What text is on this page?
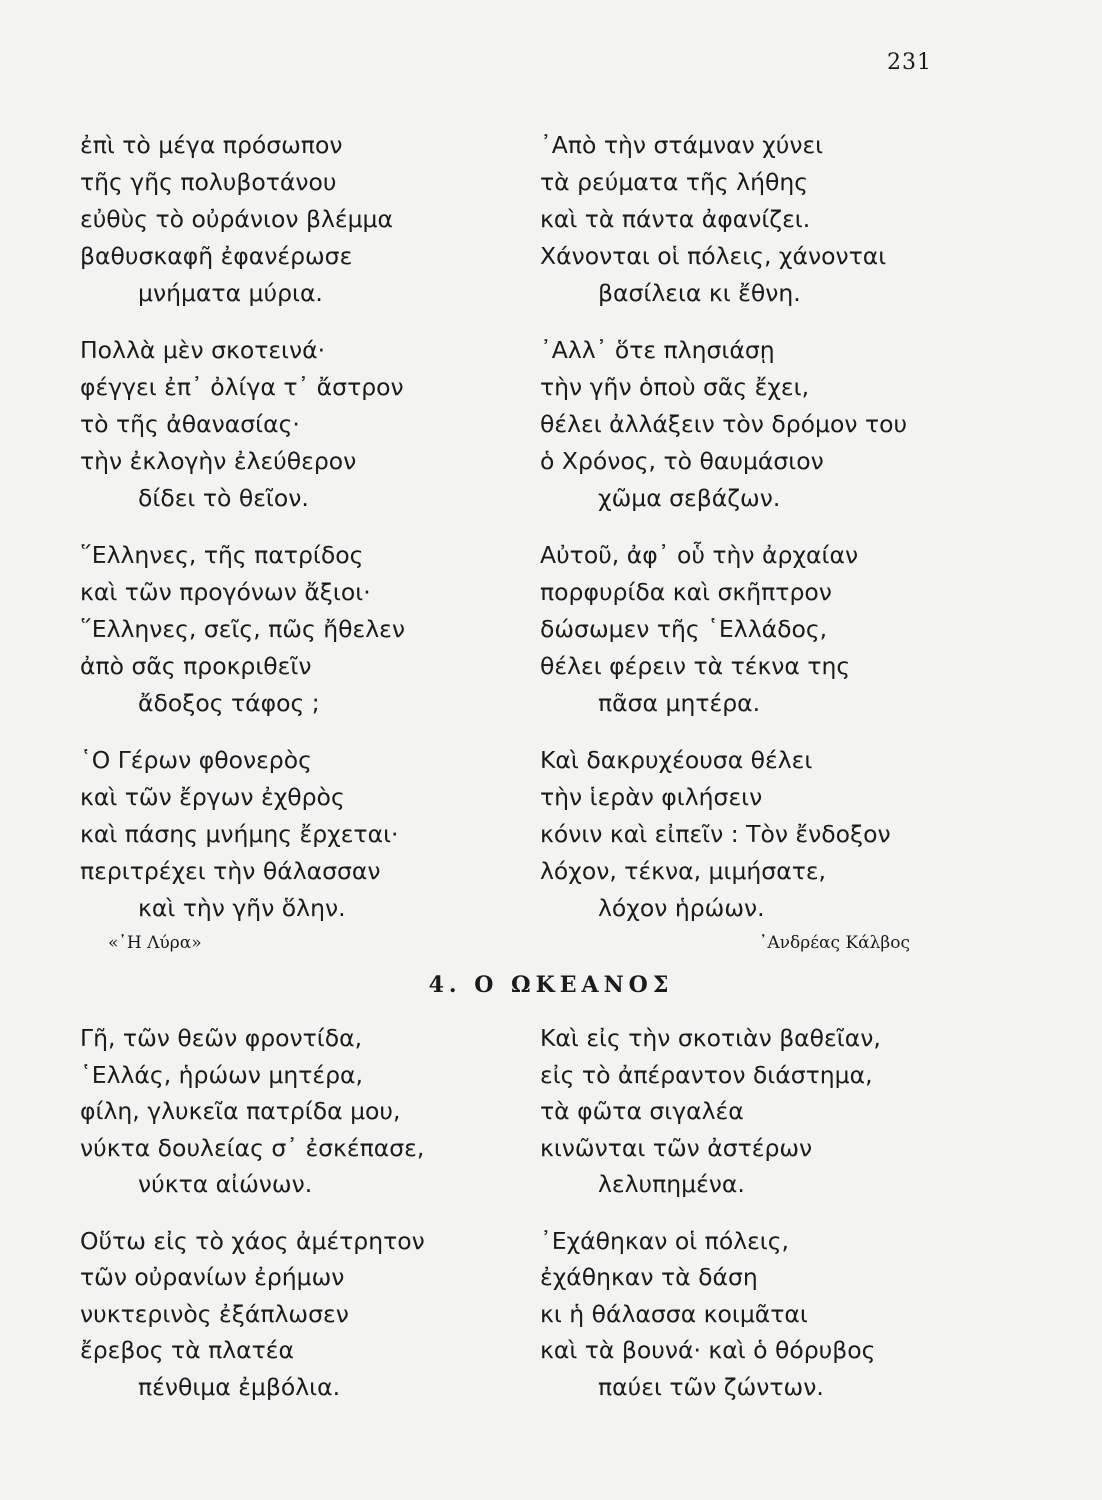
231
ἐπὶ τὸ μέγα πρόσωπον
τῆς γῆς πολυβοτάνου
εὐθὺς τὸ οὐράνιον βλέμμα
βαθυσκαφῆ ἐφανέρωσε
μνήματα μύρια.
Πολλὰ μὲν σκοτεινά·
φέγγει ἐπ᾽ ὀλίγα τ᾽ ἄστρον
τὸ τῆς ἀθανασίας·
τὴν ἐκλογὴν ἐλεύθερον
δίδει τὸ θεῖον.
῞Ελληνες, τῆς πατρίδος
καὶ τῶν προγόνων ἄξιοι·
῞Ελληνες, σεῖς, πῶς ἤθελεν
ἀπὸ σᾶς προκριθεῖν
ἄδοξος τάφος ;
῾Ο Γέρων φθονερὸς
καὶ τῶν ἔργων ἐχθρὸς
καὶ πάσης μνήμης ἔρχεται·
περιτρέχει τὴν θάλασσαν
καὶ τὴν γῆν ὅλην.
«῾Η Λύρα»
᾽Απὸ τὴν στάμναν χύνει
τὰ ρεύματα τῆς λήθης
καὶ τὰ πάντα ἀφανίζει.
Χάνονται οἱ πόλεις, χάνονται
βασίλεια κι ἔθνη.
᾽Αλλ᾽ ὅτε πλησιάσῃ
τὴν γῆν ὁποὺ σᾶς ἔχει,
θέλει ἀλλάξειν τὸν δρόμον του
ὁ Χρόνος, τὸ θαυμάσιον
χῶμα σεβάζων.
Αὐτοῦ, ἀφ᾽ οὗ τὴν ἀρχαίαν
πορφυρίδα καὶ σκῆπτρον
δώσωμεν τῆς ῾Ελλάδος,
θέλει φέρειν τὰ τέκνα της
πᾶσα μητέρα.
Καὶ δακρυχέουσα θέλει
τὴν ἱερὰν φιλήσειν
κόνιν καὶ εἰπεῖν : Τὸν ἔνδοξον
λόχον, τέκνα, μιμήσατε,
λόχον ἡρώων.
᾽Ανδρέας Κάλβος
4. Ο ΩΚΕΑΝΟΣ
Γῆ, τῶν θεῶν φροντίδα,
῾Ελλάς, ἡρώων μητέρα,
φίλη, γλυκεῖα πατρίδα μου,
νύκτα δουλείας σ᾽ ἐσκέπασε,
νύκτα αἰώνων.
Οὕτω εἰς τὸ χάος ἀμέτρητον
τῶν οὐρανίων ἐρήμων
νυκτερινὸς ἐξάπλωσεν
ἔρεβος τὰ πλατέα
πένθιμα ἐμβόλια.
Καὶ εἰς τὴν σκοτιὰν βαθεῖαν,
εἰς τὸ ἀπέραντον διάστημα,
τὰ φῶτα σιγαλέα
κινῶνται τῶν ἀστέρων
λελυπημένα.
᾽Εχάθηκαν οἱ πόλεις,
ἐχάθηκαν τὰ δάση
κι ἡ θάλασσα κοιμᾶται
καὶ τὰ βουνά· καὶ ὁ θόρυβος
παύει τῶν ζώντων.
